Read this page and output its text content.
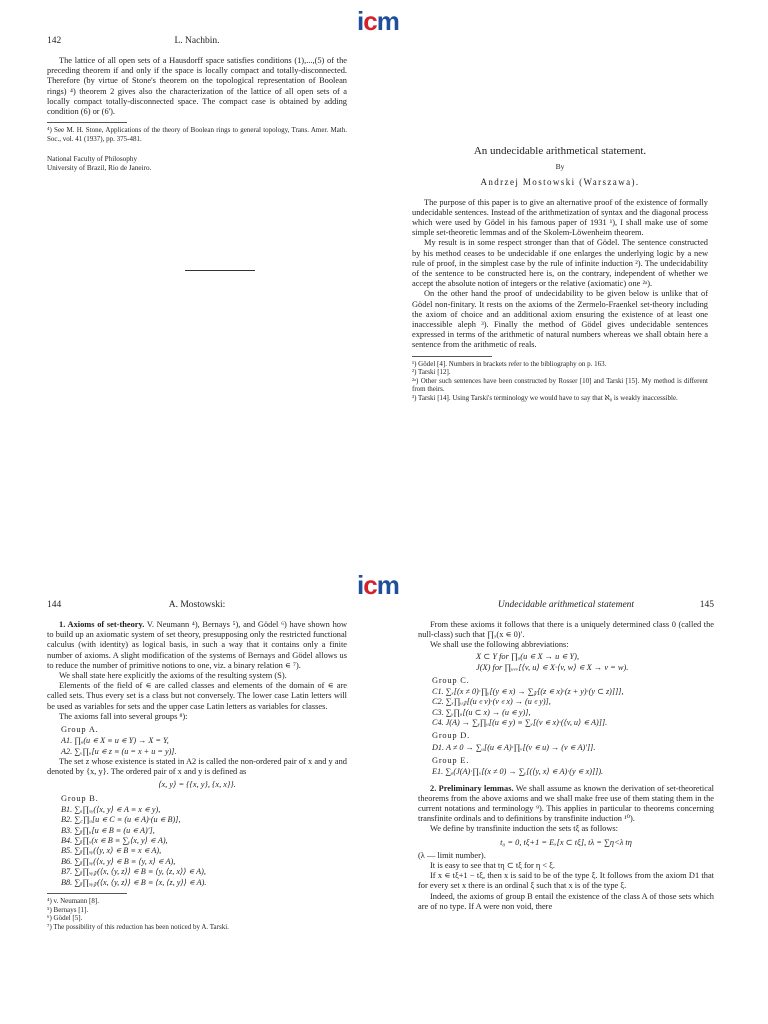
icm
142	L. Nachbin.

The lattice of all open sets of a Hausdorff space satisfies conditions (1),...,(5) of the preceding theorem if and only if the space is locally compact and totally-disconnected. Therefore (by virtue of Stone's theorem on the topological representation of Boolean rings) ⁴) theorem 2 gives also the characterization of the lattice of all open sets of a locally compact totally-disconnected space. The compact case is obtained by adding condition (6) or (6').

⁴) See M. H. Stone, Applications of the theory of Boolean rings to general topology, Trans. Amer. Math. Soc., vol. 41 (1937), pp. 375-481.
National Faculty of Philosophy
University of Brazil, Rio de Janeiro.
An undecidable arithmetical statement.
By
Andrzej Mostowski (Warszawa).

The purpose of this paper is to give an alternative proof of the existence of formally undecidable sentences. Instead of the arithmetization of syntax and the diagonal process which were used by Gödel in his famous paper of 1931 ¹), I shall make use of some simple set-theoretic lemmas and of the Skolem-Löwenheim theorem.

My result is in some respect stronger than that of Gödel. The sentence constructed by his method ceases to be undecidable if one enlarges the underlying logic by a new rule of proof, in the simplest case by the rule of infinite induction ²). The undecidability of the sentence to be constructed here is, on the contrary, independent of whether we accept the absolute notion of integers or the relative (axiomatic) one ²ᵃ).

On the other hand the proof of undecidability to be given below is unlike that of Gödel non-finitary. It rests on the axioms of the Zermelo-Fraenkel set-theory including the axiom of choice and an additional axiom ensuring the existence of at least one inaccessible aleph ³). Finally the method of Gödel gives undecidable sentences expressed in terms of the arithmetic of natural numbers whereas we shall obtain here a sentence from the arithmetic of reals.

¹) Gödel [4]. Numbers in brackets refer to the bibliography on p. 163.
²) Tarski [12].
²ᵃ) Other such sentences have been constructed by Rosser [10] and Tarski [15]. My method is different from theirs.
³) Tarski [14]. Using Tarski's terminology we would have to say that ℵ₀ is weakly inaccessible.
icm
144	A. Mostowski:

1. Axioms of set-theory. V. Neumann ⁴), Bernays ⁵), and Gödel ⁶) have shown how to build up an axiomatic system of set theory, presupposing only the restricted functional calculus (with identity) as logical basis, in such a way that it contains only a finite number of axioms. A slight modification of the systems of Bernays and Gödel allows us to reduce the number of primitive notions to one, viz. a binary relation ∊ ⁷).

We shall state here explicitly the axioms of the resulting system (S).

Elements of the field of ∊ are called classes and elements of the domain of ∊ are called sets. Thus every set is a class but not conversely. The lower case Latin letters will be used as variables for sets and the upper case Latin letters as variables for classes.

The axioms fall into several groups ⁸):

Group A.
A1. ∏ᵤ(u ∊ X ≡ u ∊ Y) → X = Y,
A2. ∑ₓ∏ᵤ[u ∊ z ≡ (u = x + u = y)].

The set z whose existence is stated in A2 is called the non-ordered pair of x and y and denoted by {x, y}. The ordered pair of x and y is defined as

⟨x, y⟩ = {{x, y}, {x, x}}.
Group B.
B1. ∑ₐ∏ₓᵧ(⟨x, y⟩ ∊ A ≡ x ∊ y),
B2. ∑꜀∏ᵤ[u ∊ C ≡ (u ∊ A)·(u ∊ B)],
B3. ∑ᵦ∏ᵤ[u ∊ B ≡ (u ∊ A)′],
B4. ∑ᵦ∏ₓ(x ∊ B ≡ ∑ᵧ⟨x, y⟩ ∊ A),
B5. ∑ᵦ∏ₓᵧ(⟨y, x⟩ ∊ B ≡ x ∊ A),
B6. ∑ᵦ∏ₓᵧ(⟨x, y⟩ ∊ B ≡ ⟨y, x⟩ ∊ A),
B7. ∑ᵦ∏ₓᵧ𝓏(⟨x, ⟨y, z⟩⟩ ∊ B ≡ ⟨y, ⟨z, x⟩⟩ ∊ A),
B8. ∑ᵦ∏ₓᵧ𝓏(⟨x, ⟨y, z⟩⟩ ∊ B ≡ ⟨x, ⟨z, y⟩⟩ ∊ A).
⁴) v. Neumann [8].
⁵) Bernays [1].
⁶) Gödel [5].
⁷) The possibility of this reduction has been noticed by A. Tarski.
Undecidable arithmetical statement	145

From these axioms it follows that there is a uniquely determined class 0 (called the null-class) such that ∏ₓ(x ∊ 0)′.

We shall use the following abbreviations:

X ⊂ Y for ∏ᵤ(u ∊ X → u ∊ Y),
J(X) for ∏ᵤᵥᵥ[⟨v, u⟩ ∊ X·⟨v, w⟩ ∊ X → v = w).
Group C.
C1. ∑ₓ[(x ≠ 0)·∏ᵧ[(y ∊ x) → ∑𝓏[(z ∊ x)·(z + y)·(y ⊂ z)]]],
C2. ∑ₓ∏ᵤ𝓏[(u ∊ v)·(v ∊ x) → (u ∊ y)],
C3. ∑ᵧ∏ᵤ[(u ⊂ x) → (u ∊ y)],
C4. J(A) → ∑ᵧ∏ᵤ[(u ∊ y) ≡ ∑ᵥ[(v ∊ x)·(⟨v, u⟩ ∊ A)]].
Group D.
D1. A ≠ 0 → ∑ᵤ[(u ∊ A)·∏ᵥ[(v ∊ u) → (v ∊ A)′]].
Group E.
E1. ∑ₐ(J(A)·∏ₓ[(x ≠ 0) → ∑ᵧ[(⟨y, x⟩ ∊ A)·(y ∊ x)]]).

2. Preliminary lemmas. We shall assume as known the derivation of set-theoretical theorems from the above axioms and we shall make free use of them stating them in the current notations and terminology ⁹). This applies in particular to theorems concerning transfinite ordinals and to definitions by transfinite induction ¹⁰).

We define by transfinite induction the sets tξ as follows:

t₀ = 0, tξ+1 = Eₓ[x ⊂ tξ], tλ = ∑η<λ tη

(λ — limit number).

It is easy to see that tη ⊂ tξ for η < ξ.

If x ∊ tξ+1 − tξ, then x is said to be of the type ξ. It follows from the axiom D1 that for every set x there is an ordinal ξ such that x is of the type ξ.

Indeed, the axioms of group B entail the existence of the class A of those sets which are of no type. If A were non void, there
